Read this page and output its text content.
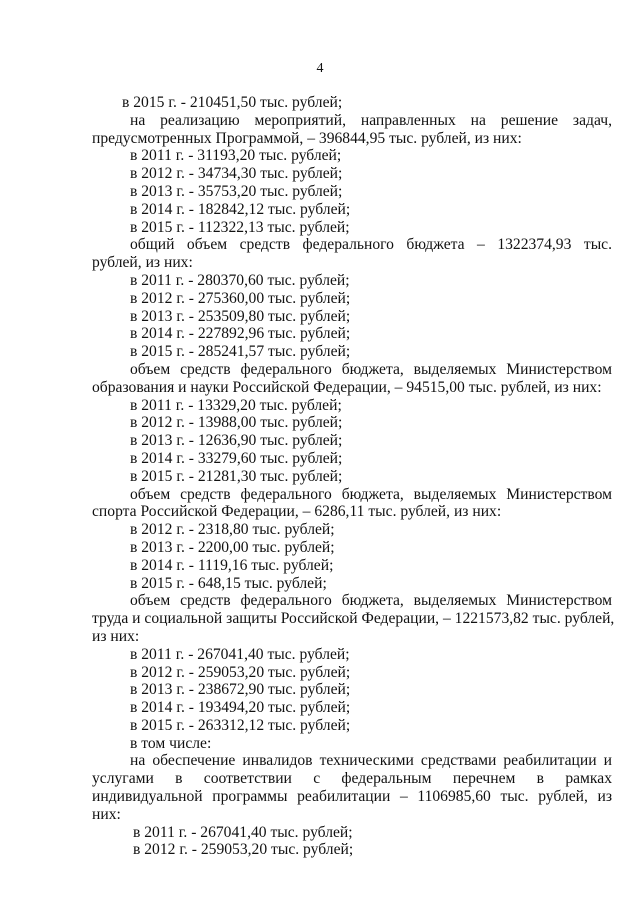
4
в 2015 г. - 210451,50 тыс. рублей;
на реализацию мероприятий, направленных на решение задач,
предусмотренных Программой, – 396844,95 тыс. рублей, из них:
в 2011 г. - 31193,20 тыс. рублей;
в 2012 г. - 34734,30 тыс. рублей;
в 2013 г. - 35753,20 тыс. рублей;
в 2014 г. - 182842,12 тыс. рублей;
в 2015 г. - 112322,13 тыс. рублей;
общий объем средств федерального бюджета – 1322374,93 тыс.
рублей, из них:
в 2011 г. - 280370,60 тыс. рублей;
в 2012 г. - 275360,00 тыс. рублей;
в 2013 г. - 253509,80 тыс. рублей;
в 2014 г. - 227892,96 тыс. рублей;
в 2015 г. - 285241,57 тыс. рублей;
объем средств федерального бюджета, выделяемых Министерством
образования и науки Российской Федерации, – 94515,00 тыс. рублей, из них:
в 2011 г. - 13329,20 тыс. рублей;
в 2012 г. - 13988,00 тыс. рублей;
в 2013 г. - 12636,90 тыс. рублей;
в 2014 г. - 33279,60 тыс. рублей;
в 2015 г. - 21281,30 тыс. рублей;
объем средств федерального бюджета, выделяемых Министерством
спорта Российской Федерации, – 6286,11 тыс. рублей, из них:
в 2012 г. - 2318,80 тыс. рублей;
в 2013 г. - 2200,00 тыс. рублей;
в 2014 г. - 1119,16 тыс. рублей;
в 2015 г. - 648,15 тыс. рублей;
объем средств федерального бюджета, выделяемых Министерством
труда и социальной защиты Российской Федерации, – 1221573,82 тыс. рублей,
из них:
в 2011 г. - 267041,40 тыс. рублей;
в 2012 г. - 259053,20 тыс. рублей;
в 2013 г. - 238672,90 тыс. рублей;
в 2014 г. - 193494,20 тыс. рублей;
в 2015 г. - 263312,12 тыс. рублей;
в том числе:
на обеспечение инвалидов техническими средствами реабилитации и
услугами в соответствии с федеральным перечнем в рамках
индивидуальной программы реабилитации – 1106985,60 тыс. рублей, из
них:
в 2011 г. - 267041,40 тыс. рублей;
в 2012 г. - 259053,20 тыс. рублей;
